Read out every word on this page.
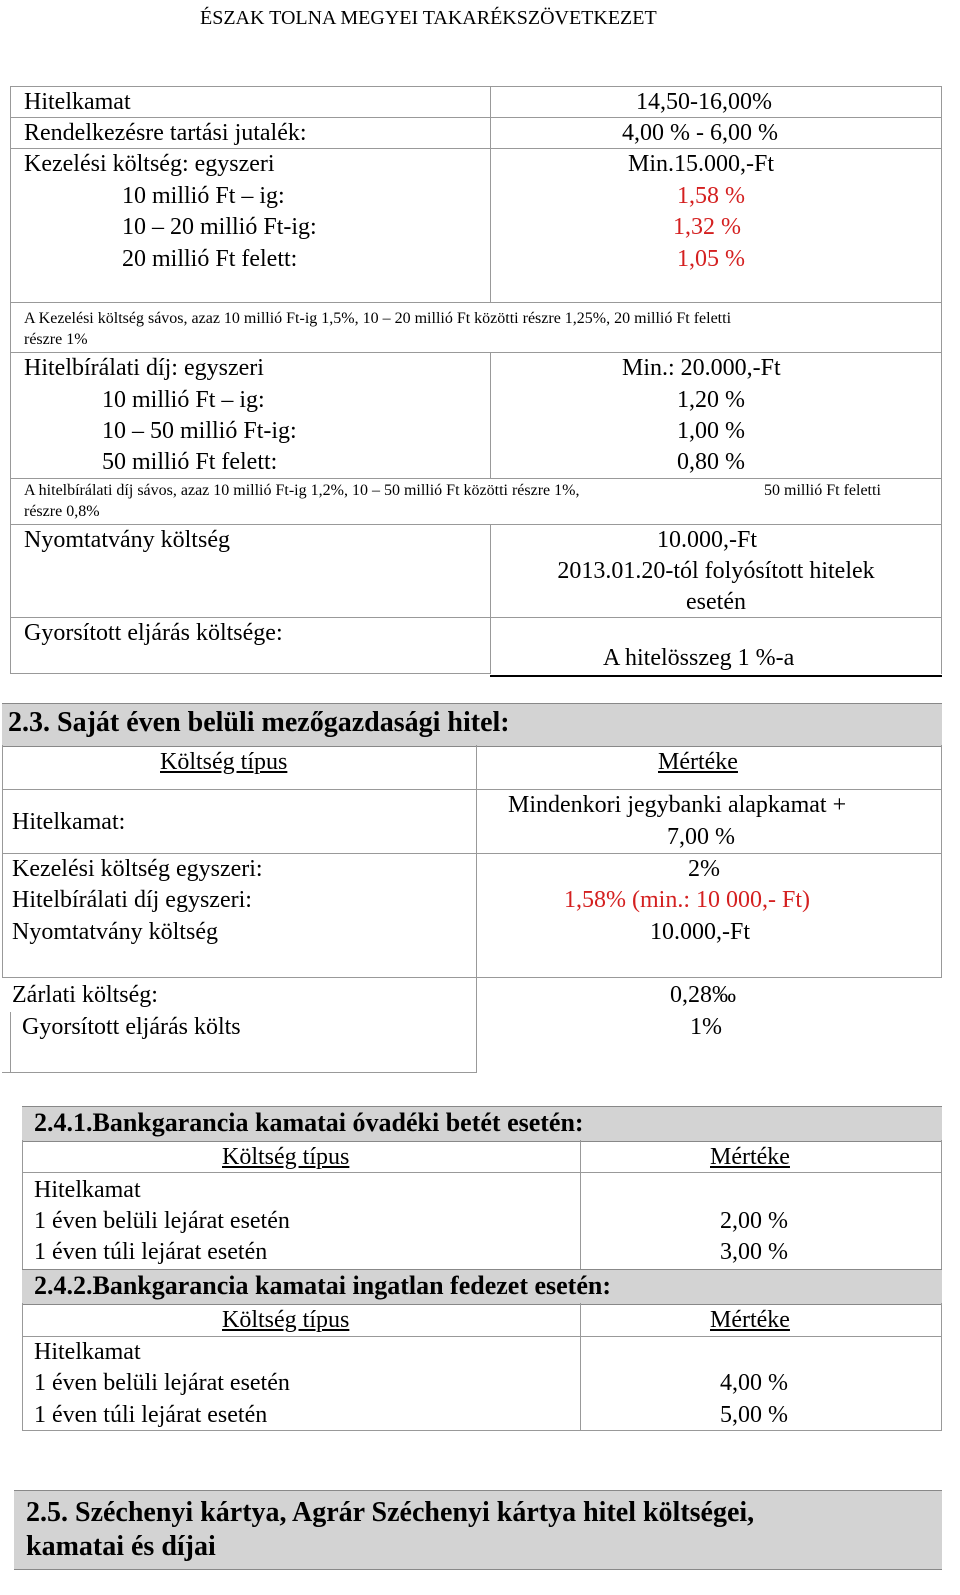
ÉSZAK TOLNA MEGYEI TAKARÉKSZÖVETKEZET
Hitelkamat	14,50-16,00%
Rendelkezésre tartási jutalék:	4,00 % - 6,00 %
Kezelési költség: egyszeri	Min.15.000,-Ft
10 millió Ft – ig:	1,58 %
10 – 20 millió Ft-ig:	1,32 %
20 millió Ft felett:	1,05 %
A Kezelési költség sávos, azaz 10 millió Ft-ig 1,5%, 10 – 20 millió Ft közötti részre 1,25%, 20 millió Ft feletti
részre 1%
Hitelbírálati díj: egyszeri	Min.: 20.000,-Ft
10 millió Ft – ig:	1,20 %
10 – 50 millió Ft-ig:	1,00 %
50 millió Ft felett:	0,80 %
A hitelbírálati díj sávos, azaz 10 millió Ft-ig 1,2%, 10 – 50 millió Ft közötti részre 1%,	50 millió Ft feletti
részre 0,8%
Nyomtatvány költség	10.000,-Ft
2013.01.20-tól folyósított hitelek
esetén
Gyorsított eljárás költsége:
A hitelösszeg 1 %-a
2.3. Saját éven belüli mezőgazdasági hitel:
Költség típus	Mértéke
Hitelkamat:
Mindenkori jegybanki alapkamat +
7,00 %
Kezelési költség egyszeri:	2%
Hitelbírálati díj egyszeri:	1,58% (min.: 10 000,- Ft)
Nyomtatvány költség	10.000,-Ft
Zárlati költség:	0,28‰
Gyorsított eljárás költs	1%
2.4.1.Bankgarancia kamatai óvadéki betét esetén:
Költség típus	Mértéke
Hitelkamat
1 éven belüli lejárat esetén	2,00 %
1 éven túli lejárat esetén	3,00 %
2.4.2.Bankgarancia kamatai ingatlan fedezet esetén:
Költség típus	Mértéke
Hitelkamat
1 éven belüli lejárat esetén	4,00 %
1 éven túli lejárat esetén	5,00 %
2.5. Széchenyi kártya, Agrár Széchenyi kártya hitel költségei,
kamatai és díjai
